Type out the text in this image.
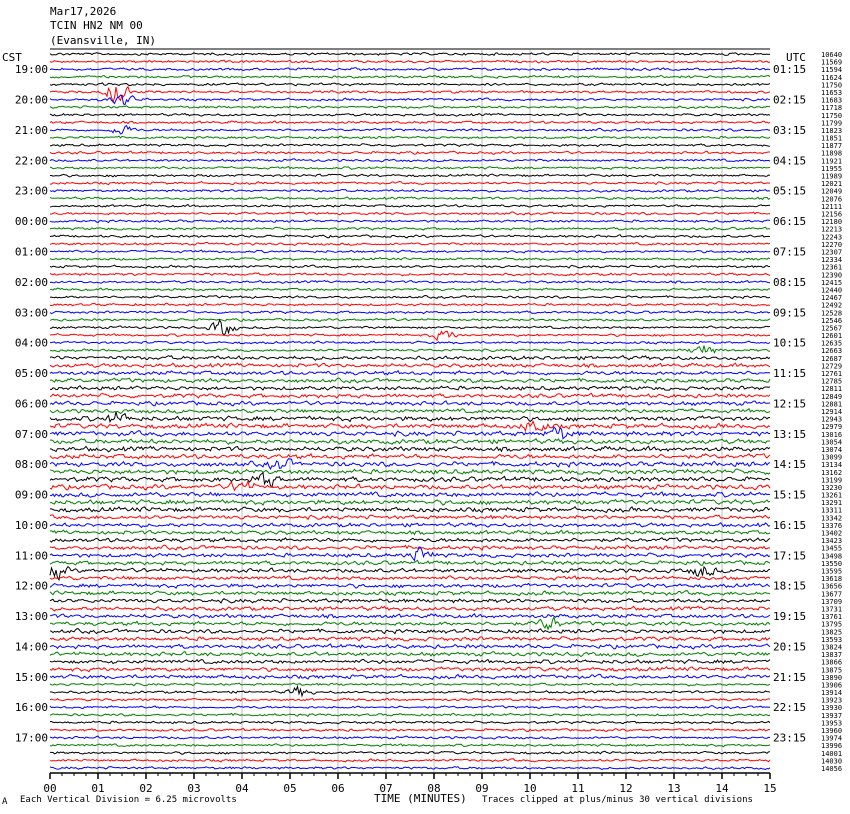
Mar17,2026
TCIN HN2 NM 00
(Evansville, IN)
CST	UTC
00	01	02	03	04	05	06	07	08	09	10	11	12	13	14	15
19:00
20:00
21:00
22:00
23:00
00:00
01:00
02:00
03:00
04:00
05:00
06:00
07:00
08:00
09:00
10:00
11:00
12:00
13:00
14:00
15:00
16:00
17:00
01:15
02:15
03:15
04:15
05:15
06:15
07:15
08:15
09:15
10:15
11:15
12:15
13:15
14:15
15:15
16:15
17:15
18:15
19:15
20:15
21:15
22:15
23:15
10640
11569
11594
11624
11750
11653
11683
11718
11750
11799
11823
11851
11877
11898
11921
11955
11989
12021
12049
12076
12111
12156
12180
12213
12243
12270
12307
12334
12361
12390
12415
12440
12467
12492
12528
12546
12567
12601
12635
12663
12687
12729
12761
12785
12811
12849
12881
12914
12943
12979
13016
13054
13074
13099
13134
13162
13199
13230
13261
13291
13311
13342
13376
13402
13423
13455
13498
13550
13595
13618
13656
13677
13709
13731
13761
13795
13825
13593
13824
13837
13866
13875
13890
13906
13914
13923
13930
13937
13953
13960
13974
13996
14001
14030
14056
TIME (MINUTES)
A Each Vertical Division = 6.25 microvolts	Traces clipped at plus/minus 30 vertical divisions
